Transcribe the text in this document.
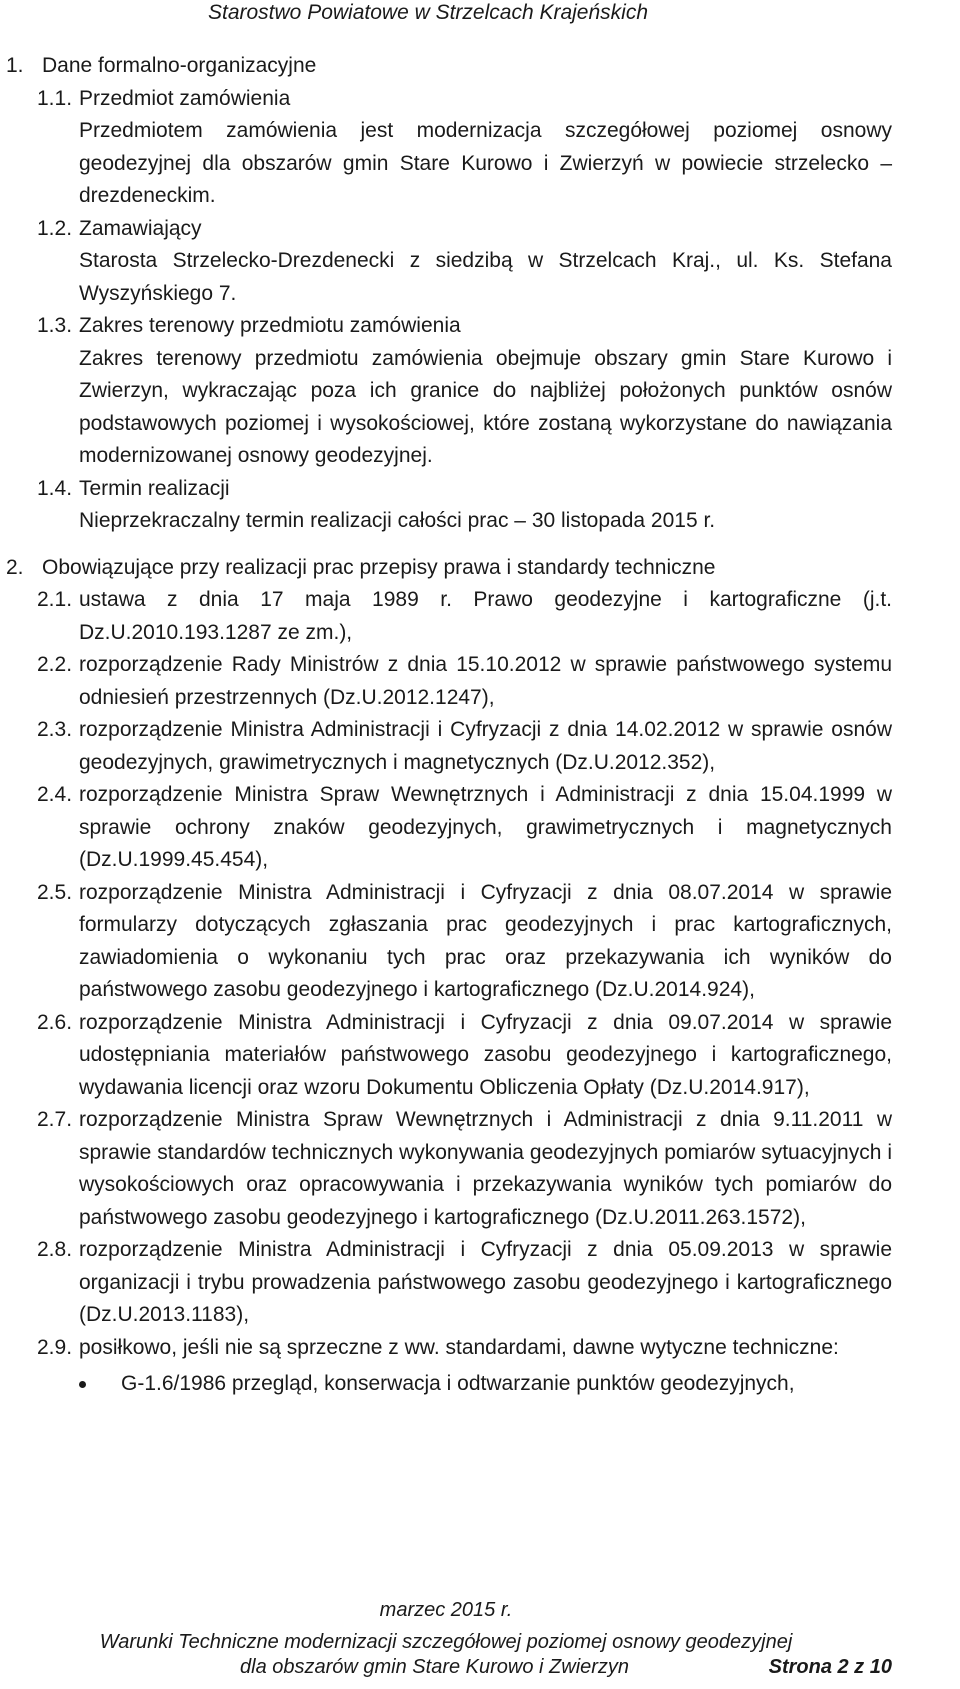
Starostwo Powiatowe w Strzelcach Krajeńskich
1. Dane formalno-organizacyjne
1.1. Przedmiot zamówienia
Przedmiotem zamówienia jest modernizacja szczegółowej poziomej osnowy geodezyjnej dla obszarów gmin Stare Kurowo i Zwierzyń w powiecie strzelecko – drezdeneckim.
1.2. Zamawiający
Starosta Strzelecko-Drezdenecki z siedzibą w Strzelcach Kraj., ul. Ks. Stefana Wyszyńskiego 7.
1.3. Zakres terenowy przedmiotu zamówienia
Zakres terenowy przedmiotu zamówienia obejmuje obszary gmin Stare Kurowo i Zwierzyn, wykraczając poza ich granice do najbliżej położonych punktów osnów podstawowych poziomej i wysokościowej, które zostaną wykorzystane do nawiązania modernizowanej osnowy geodezyjnej.
1.4. Termin realizacji
Nieprzekraczalny termin realizacji całości prac – 30 listopada 2015 r.
2. Obowiązujące przy realizacji prac przepisy prawa i standardy techniczne
2.1. ustawa z dnia 17 maja 1989 r. Prawo geodezyjne i kartograficzne (j.t. Dz.U.2010.193.1287 ze zm.),
2.2. rozporządzenie Rady Ministrów z dnia 15.10.2012 w sprawie państwowego systemu odniesień przestrzennych (Dz.U.2012.1247),
2.3. rozporządzenie Ministra Administracji i Cyfryzacji z dnia 14.02.2012 w sprawie osnów geodezyjnych, grawimetrycznych i magnetycznych (Dz.U.2012.352),
2.4. rozporządzenie Ministra Spraw Wewnętrznych i Administracji z dnia 15.04.1999 w sprawie ochrony znaków geodezyjnych, grawimetrycznych i magnetycznych (Dz.U.1999.45.454),
2.5. rozporządzenie Ministra Administracji i Cyfryzacji z dnia 08.07.2014 w sprawie formularzy dotyczących zgłaszania prac geodezyjnych i prac kartograficznych, zawiadomienia o wykonaniu tych prac oraz przekazywania ich wyników do państwowego zasobu geodezyjnego i kartograficznego (Dz.U.2014.924),
2.6. rozporządzenie Ministra Administracji i Cyfryzacji z dnia 09.07.2014 w sprawie udostępniania materiałów państwowego zasobu geodezyjnego i kartograficznego, wydawania licencji oraz wzoru Dokumentu Obliczenia Opłaty (Dz.U.2014.917),
2.7. rozporządzenie Ministra Spraw Wewnętrznych i Administracji z dnia 9.11.2011 w sprawie standardów technicznych wykonywania geodezyjnych pomiarów sytuacyjnych i wysokościowych oraz opracowywania i przekazywania wyników tych pomiarów do państwowego zasobu geodezyjnego i kartograficznego (Dz.U.2011.263.1572),
2.8. rozporządzenie Ministra Administracji i Cyfryzacji z dnia 05.09.2013 w sprawie organizacji i trybu prowadzenia państwowego zasobu geodezyjnego i kartograficznego (Dz.U.2013.1183),
2.9. posiłkowo, jeśli nie są sprzeczne z ww. standardami, dawne wytyczne techniczne:
G-1.6/1986 przegląd, konserwacja i odtwarzanie punktów geodezyjnych,
marzec 2015 r.
Warunki Techniczne modernizacji szczegółowej poziomej osnowy geodezyjnej
dla obszarów gmin Stare Kurowo i Zwierzyn	Strona 2 z 10
